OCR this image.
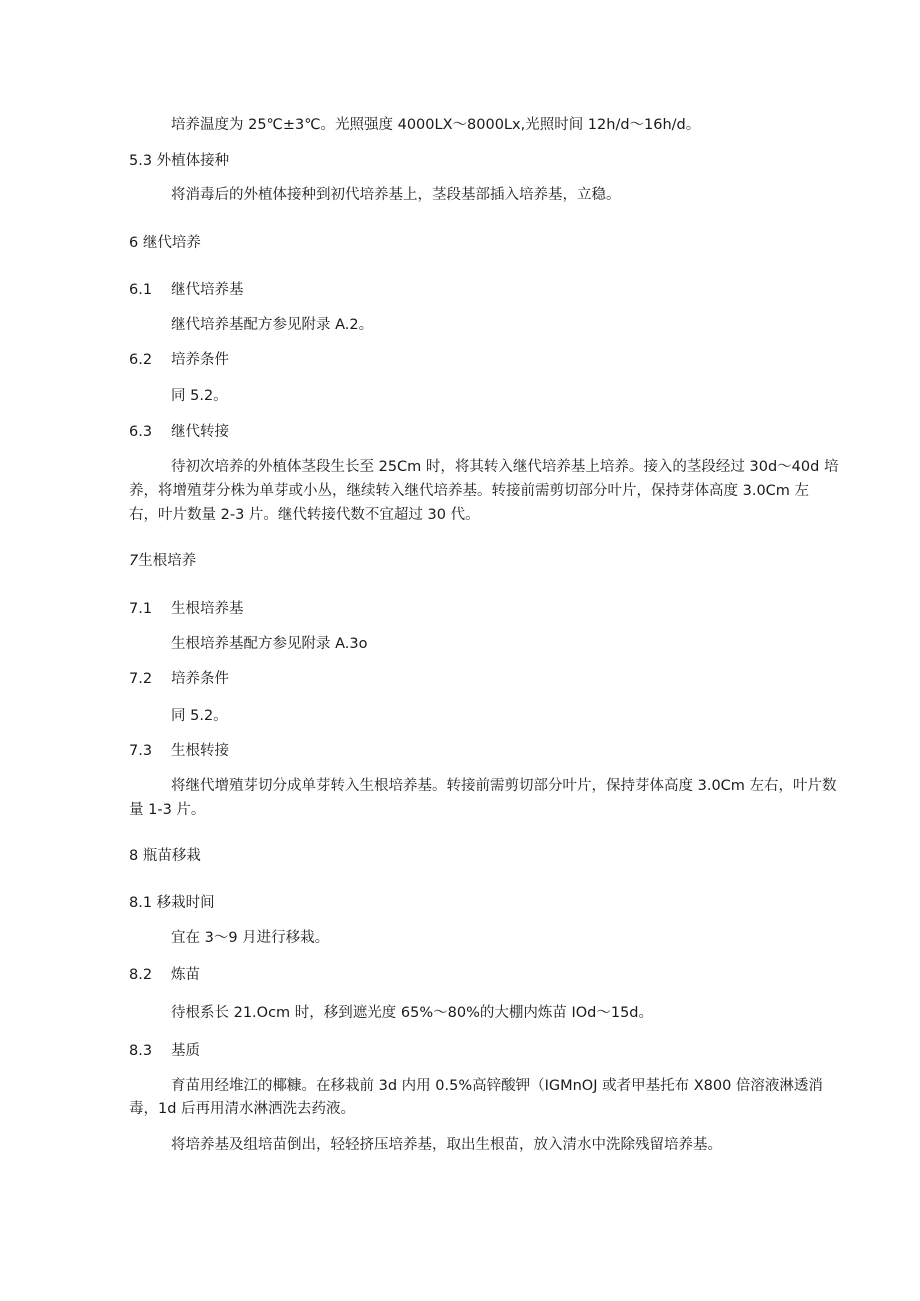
培养温度为 25℃±3℃。光照强度 4000LX～8000Lx,光照时间 12h/d～16h/d。

5.3 外植体接种

将消毒后的外植体接种到初代培养基上，茎段基部插入培养基，立稳。

6 继代培养

6.1 继代培养基

继代培养基配方参见附录 A.2。

6.2 培养条件

同 5.2。

6.3 继代转接

待初次培养的外植体茎段生长至 25Cm 时，将其转入继代培养基上培养。接入的茎段经过 30d～40d 培

养，将增殖芽分株为单芽或小丛，继续转入继代培养基。转接前需剪切部分叶片，保持芽体高度 3.0Cm 左

右，叶片数量 2-3 片。继代转接代数不宜超过 30 代。

7生根培养

7.1 生根培养基

生根培养基配方参见附录 A.3o

7.2 培养条件

同 5.2。

7.3 生根转接

将继代增殖芽切分成单芽转入生根培养基。转接前需剪切部分叶片，保持芽体高度 3.0Cm 左右，叶片数

量 1-3 片。

8 瓶苗移栽

8.1 移栽时间

宜在 3～9 月进行移栽。

8.2 炼苗

待根系长 21.Ocm 时，移到遮光度 65%～80%的大棚内炼苗 IOd～15d。

8.3 基质

育苗用经堆江的椰糠。在移栽前 3d 内用 0.5%高锌酸钾（IGMnOJ 或者甲基托布 X800 倍溶液淋透消

毒，1d 后再用清水淋洒洗去药液。

将培养基及组培苗倒出，轻轻挤压培养基，取出生根苗，放入清水中洗除残留培养基。
